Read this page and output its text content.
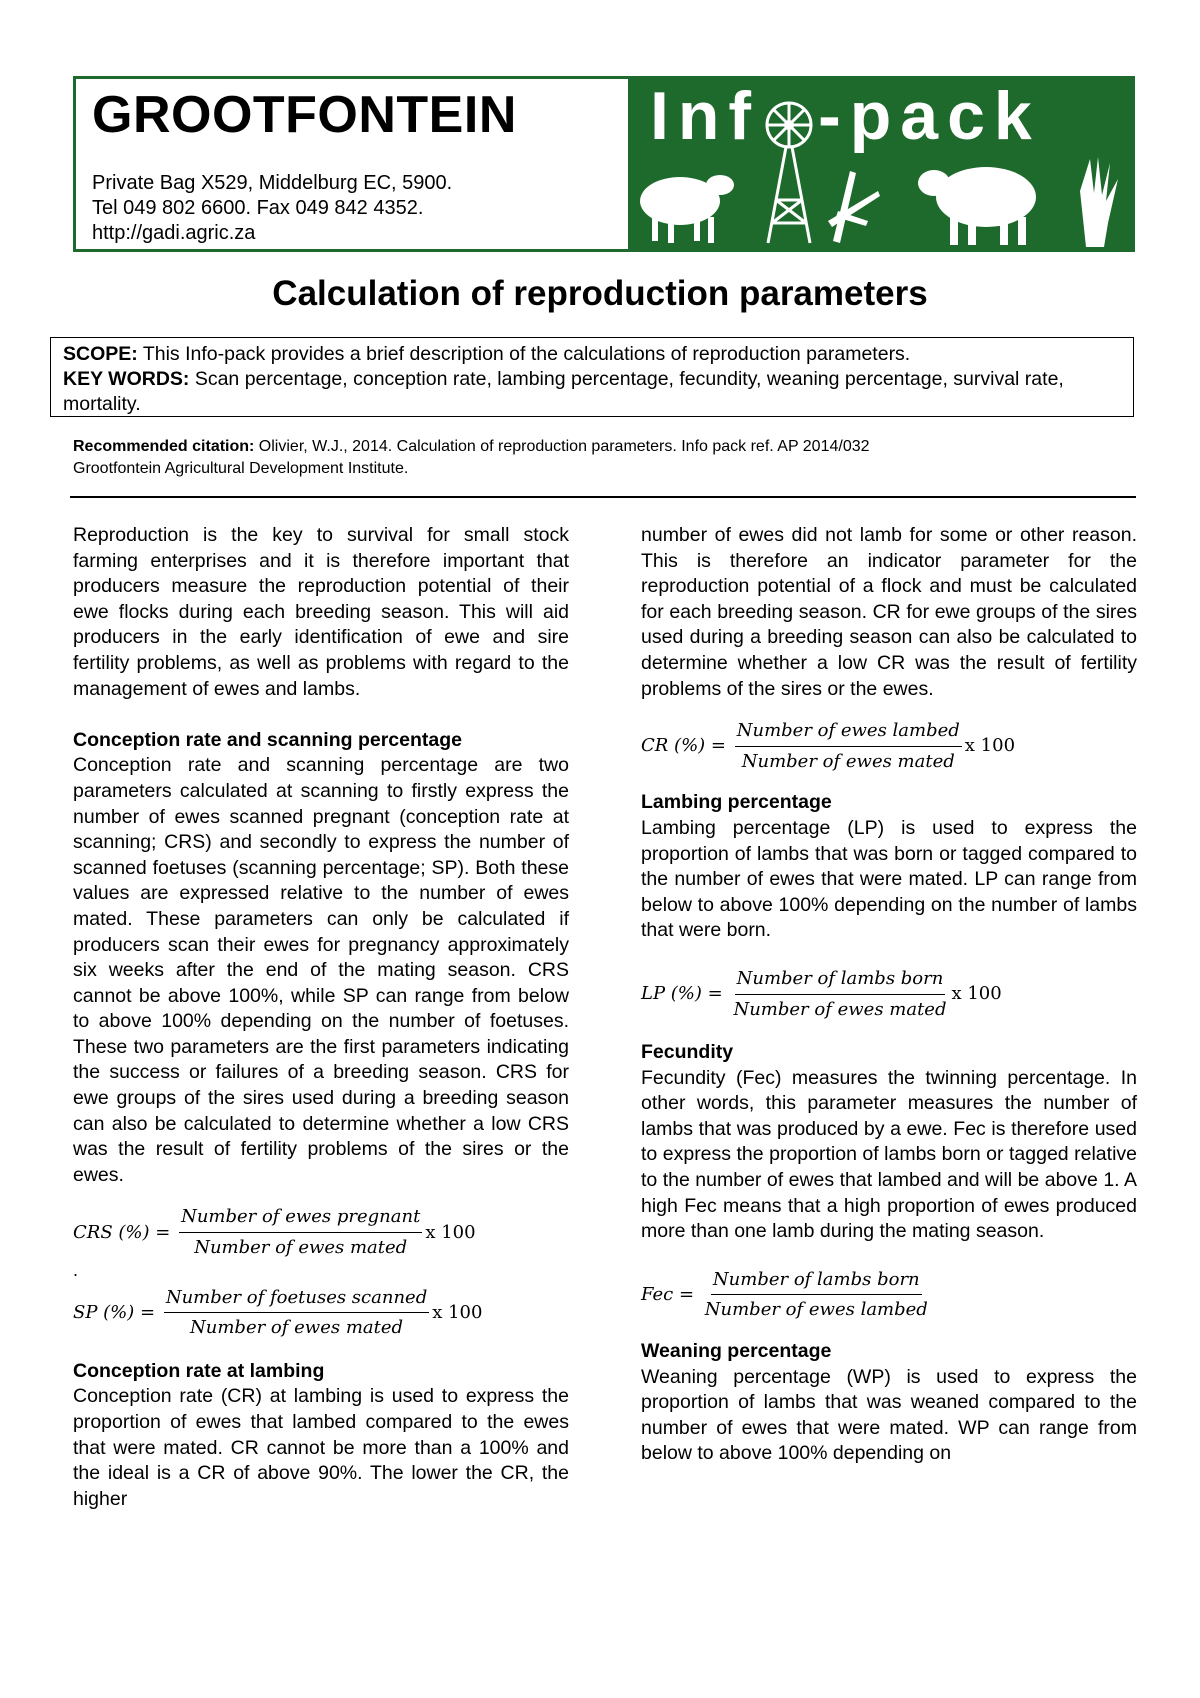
GROOTFONTEIN
Private Bag X529, Middelburg EC, 5900.
Tel 049 802 6600. Fax 049 842 4352.
http://gadi.agric.za
Inf -pack
Calculation of reproduction parameters
SCOPE: This Info-pack provides a brief description of the calculations of reproduction parameters.
KEY WORDS: Scan percentage, conception rate, lambing percentage, fecundity, weaning percentage, survival rate, mortality.
Recommended citation: Olivier, W.J., 2014. Calculation of reproduction parameters. Info pack ref. AP 2014/032
Grootfontein Agricultural Development Institute.

Reproduction is the key to survival for small stock farming enterprises and it is therefore important that producers measure the reproduction potential of their ewe flocks during each breeding season. This will aid producers in the early identification of ewe and sire fertility problems, as well as problems with regard to the management of ewes and lambs.

Conception rate and scanning percentage

Conception rate and scanning percentage are two parameters calculated at scanning to firstly express the number of ewes scanned pregnant (conception rate at scanning; CRS) and secondly to express the number of scanned foetuses (scanning percentage; SP). Both these values are expressed relative to the number of ewes mated. These parameters can only be calculated if producers scan their ewes for pregnancy approximately six weeks after the end of the mating season. CRS cannot be above 100%, while SP can range from below to above 100% depending on the number of foetuses. These two parameters are the first parameters indicating the success or failures of a breeding season. CRS for ewe groups of the sires used during a breeding season can also be calculated to determine whether a low CRS was the result of fertility problems of the sires or the ewes.

CRS (%) = $\frac{\text{Number of ewes pregnant}}{\text{Number of ewes mated}}$ x 100
.
SP (%) = $\frac{\text{Number of foetuses scanned}}{\text{Number of ewes mated}}$ x 100
Conception rate at lambing

Conception rate (CR) at lambing is used to express the proportion of ewes that lambed compared to the ewes that were mated. CR cannot be more than a 100% and the ideal is a CR of above 90%. The lower the CR, the higher

number of ewes did not lamb for some or other reason. This is therefore an indicator parameter for the reproduction potential of a flock and must be calculated for each breeding season. CR for ewe groups of the sires used during a breeding season can also be calculated to determine whether a low CR was the result of fertility problems of the sires or the ewes.

CR (%) = $\frac{\text{Number of ewes lambed}}{\text{Number of ewes mated}}$ x 100
Lambing percentage

Lambing percentage (LP) is used to express the proportion of lambs that was born or tagged compared to the number of ewes that were mated. LP can range from below to above 100% depending on the number of lambs that were born.

LP (%) = $\frac{\text{Number of lambs born}}{\text{Number of ewes mated}}$ x 100
Fecundity

Fecundity (Fec) measures the twinning percentage. In other words, this parameter measures the number of lambs that was produced by a ewe. Fec is therefore used to express the proportion of lambs born or tagged relative to the number of ewes that lambed and will be above 1. A high Fec means that a high proportion of ewes produced more than one lamb during the mating season.

Fec = $\frac{\text{Number of lambs born}}{\text{Number of ewes lambed}}$
Weaning percentage

Weaning percentage (WP) is used to express the proportion of lambs that was weaned compared to the number of ewes that were mated. WP can range from below to above 100% depending on
